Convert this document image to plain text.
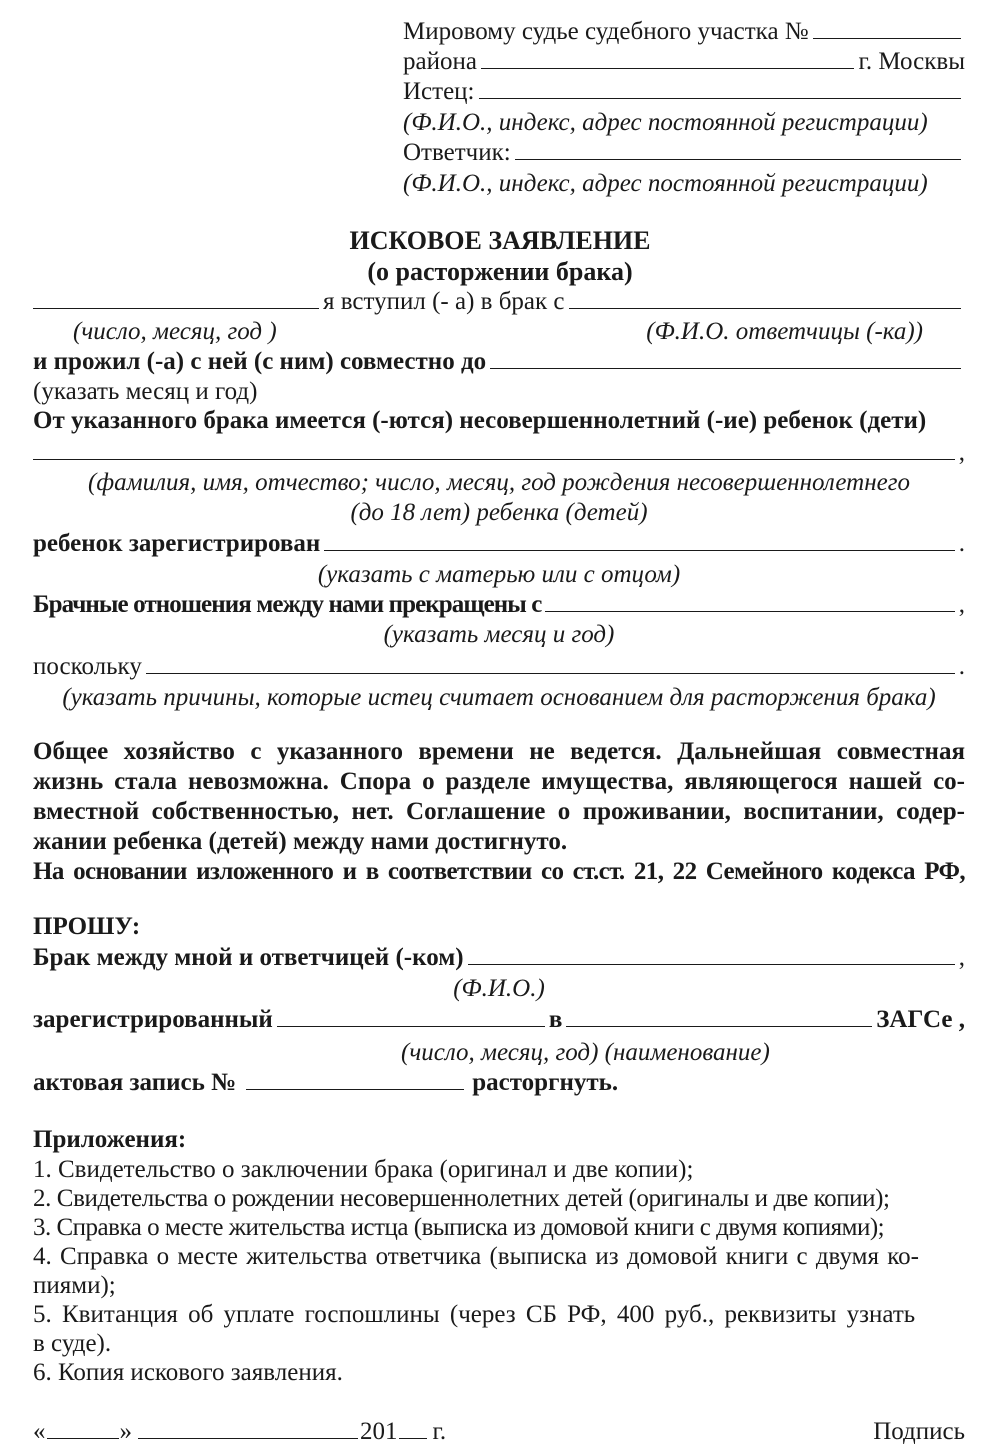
Мировому судье судебного участка №
района	г. Москвы
Истец:
(Ф.И.О., индекс, адрес постоянной регистрации)
Ответчик:
(Ф.И.О., индекс, адрес постоянной регистрации)
ИСКОВОЕ ЗАЯВЛЕНИЕ
(о расторжении брака)
я вступил (- а) в брак с
(число, месяц, год )	(Ф.И.О. ответчицы (-ка))
и прожил (-а) с ней (с ним) совместно до
(указать месяц и год)
От указанного брака имеется (-ются) несовершеннолетний (-ие) ребенок (дети)
,
(фамилия, имя, отчество; число, месяц, год рождения несовершеннолетнего
(до 18 лет) ребенка (детей)
ребенок зарегистрирован	.
(указать с матерью или с отцом)
Брачные отношения между нами прекращены с	,
(указать месяц и год)
поскольку	.
(указать причины, которые истец считает основанием для расторжения брака)
Общее хозяйство с указанного времени не ведется. Дальнейшая совместная
жизнь стала невозможна. Спора о разделе имущества, являющегося нашей со-
вместной собственностью, нет. Соглашение о проживании, воспитании, содер-
жании ребенка (детей) между нами достигнуто.
На основании изложенного и в соответствии со ст.ст. 21, 22 Семейного кодекса РФ,
ПРОШУ:
Брак между мной и ответчицей (-ком)	,
(Ф.И.О.)
зарегистрированный	в	ЗАГСе ,
(число, месяц, год) (наименование)
актовая запись №	расторгнуть.
Приложения:
1. Свидетельство о заключении брака (оригинал и две копии);
2. Свидетельства о рождении несовершеннолетних детей (оригиналы и две копии);
3. Справка о месте жительства истца (выписка из домовой книги с двумя копиями);
4. Справка о месте жительства ответчика (выписка из домовой книги с двумя ко-
пиями);
5. Квитанция об уплате госпошлины (через СБ РФ, 400 руб., реквизиты узнать
в суде).
6. Копия искового заявления.
«	»	201 г.	Подпись
